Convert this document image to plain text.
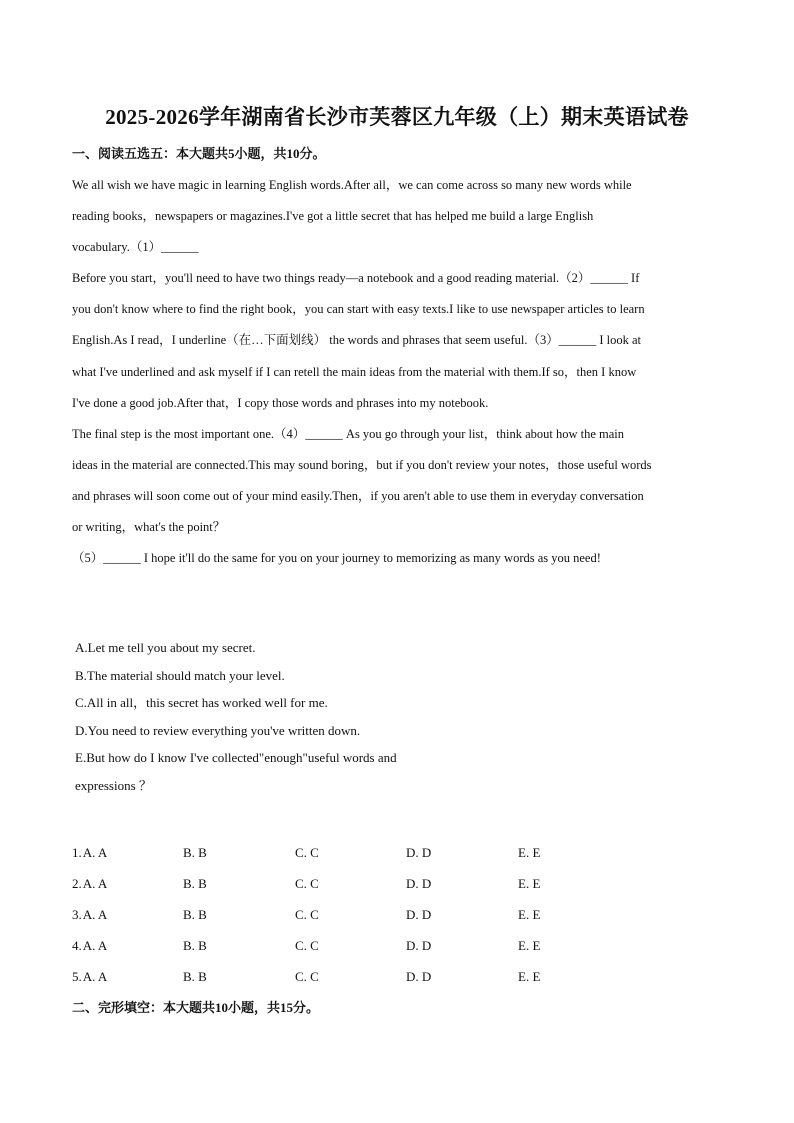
2025-2026学年湖南省长沙市芙蓉区九年级（上）期末英语试卷
一、阅读五选五：本大题共5小题，共10分。
We all wish we have magic in learning English words.After all，we can come across so many new words while
reading books，newspapers or magazines.I've got a little secret that has helped me build a large English
vocabulary.（1）______
Before you start，you'll need to have two things ready—a notebook and a good reading material.（2）______ If
you don't know where to find the right book，you can start with easy texts.I like to use newspaper articles to learn
English.As I read，I underline（在…下面划线） the words and phrases that seem useful.（3）______ I look at
what I've underlined and ask myself if I can retell the main ideas from the material with them.If so，then I know
I've done a good job.After that，I copy those words and phrases into my notebook.
The final step is the most important one.（4）______ As you go through your list，think about how the main
ideas in the material are connected.This may sound boring，but if you don't review your notes，those useful words
and phrases will soon come out of your mind easily.Then，if you aren't able to use them in everyday conversation
or writing，what's the point？
（5）______ I hope it'll do the same for you on your journey to memorizing as many words as you need!
A.Let me tell you about my secret.
B.The material should match your level.
C.All in all，this secret has worked well for me.
D.You need to review everything you've written down.
E.But how do I know I've collected"enough"useful words and
expressions ？
1.A. A	B. B	C. C	D. D	E. E
2.A. A	B. B	C. C	D. D	E. E
3.A. A	B. B	C. C	D. D	E. E
4.A. A	B. B	C. C	D. D	E. E
5.A. A	B. B	C. C	D. D	E. E
二、完形填空：本大题共10小题，共15分。
